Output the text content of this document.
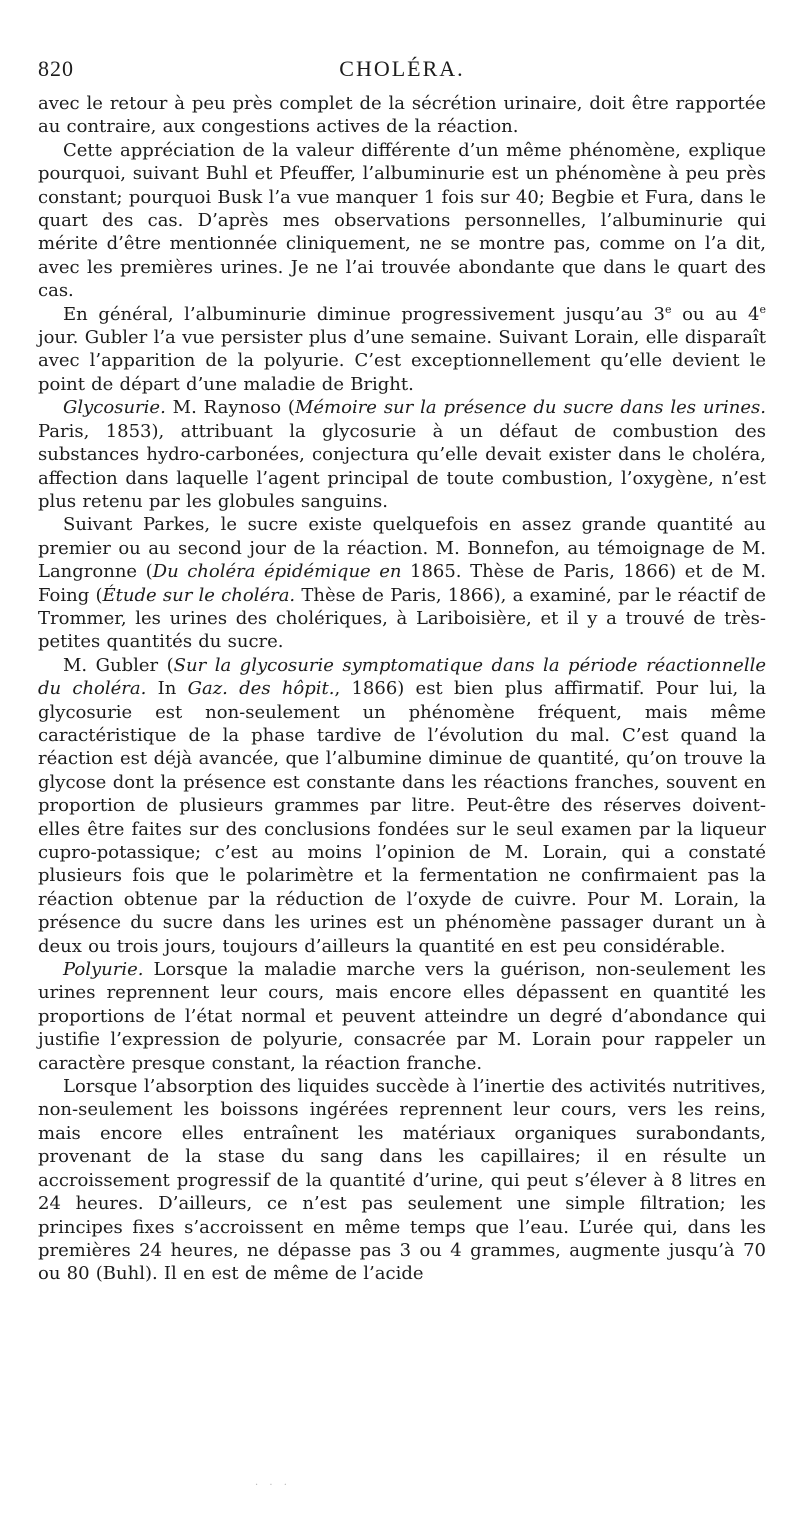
820	CHOLÉRA.

avec le retour à peu près complet de la sécrétion urinaire, doit être rapportée au contraire, aux congestions actives de la réaction.

Cette appréciation de la valeur différente d’un même phénomène, explique pourquoi, suivant Buhl et Pfeuffer, l’albuminurie est un phénomène à peu près constant; pourquoi Busk l’a vue manquer 1 fois sur 40; Begbie et Fura, dans le quart des cas. D’après mes observations personnelles, l’albuminurie qui mérite d’être mentionnée cliniquement, ne se montre pas, comme on l’a dit, avec les premières urines. Je ne l’ai trouvée abondante que dans le quart des cas.

En général, l’albuminurie diminue progressivement jusqu’au 3e ou au 4e jour. Gubler l’a vue persister plus d’une semaine. Suivant Lorain, elle disparaît avec l’apparition de la polyurie. C’est exceptionnellement qu’elle devient le point de départ d’une maladie de Bright.

Glycosurie. M. Raynoso (Mémoire sur la présence du sucre dans les urines. Paris, 1853), attribuant la glycosurie à un défaut de combustion des substances hydro-carbonées, conjectura qu’elle devait exister dans le choléra, affection dans laquelle l’agent principal de toute combustion, l’oxygène, n’est plus retenu par les globules sanguins.

Suivant Parkes, le sucre existe quelquefois en assez grande quantité au premier ou au second jour de la réaction. M. Bonnefon, au témoignage de M. Langronne (Du choléra épidémique en 1865. Thèse de Paris, 1866) et de M. Foing (Étude sur le choléra. Thèse de Paris, 1866), a examiné, par le réactif de Trommer, les urines des cholériques, à Lariboisière, et il y a trouvé de très-petites quantités du sucre.

M. Gubler (Sur la glycosurie symptomatique dans la période réactionnelle du choléra. In Gaz. des hôpit., 1866) est bien plus affirmatif. Pour lui, la glycosurie est non-seulement un phénomène fréquent, mais même caractéristique de la phase tardive de l’évolution du mal. C’est quand la réaction est déjà avancée, que l’albumine diminue de quantité, qu’on trouve la glycose dont la présence est constante dans les réactions franches, souvent en proportion de plusieurs grammes par litre. Peut-être des réserves doivent-elles être faites sur des conclusions fondées sur le seul examen par la liqueur cupro-potassique; c’est au moins l’opinion de M. Lorain, qui a constaté plusieurs fois que le polarimètre et la fermentation ne confirmaient pas la réaction obtenue par la réduction de l’oxyde de cuivre. Pour M. Lorain, la présence du sucre dans les urines est un phénomène passager durant un à deux ou trois jours, toujours d’ailleurs la quantité en est peu considérable.

Polyurie. Lorsque la maladie marche vers la guérison, non-seulement les urines reprennent leur cours, mais encore elles dépassent en quantité les proportions de l’état normal et peuvent atteindre un degré d’abondance qui justifie l’expression de polyurie, consacrée par M. Lorain pour rappeler un caractère presque constant, la réaction franche.

Lorsque l’absorption des liquides succède à l’inertie des activités nutritives, non-seulement les boissons ingérées reprennent leur cours, vers les reins, mais encore elles entraînent les matériaux organiques surabondants, provenant de la stase du sang dans les capillaires; il en résulte un accroissement progressif de la quantité d’urine, qui peut s’élever à 8 litres en 24 heures. D’ailleurs, ce n’est pas seulement une simple filtration; les principes fixes s’accroissent en même temps que l’eau. L’urée qui, dans les premières 24 heures, ne dépasse pas 3 ou 4 grammes, augmente jusqu’à 70 ou 80 (Buhl). Il en est de même de l’acide

· · ·
